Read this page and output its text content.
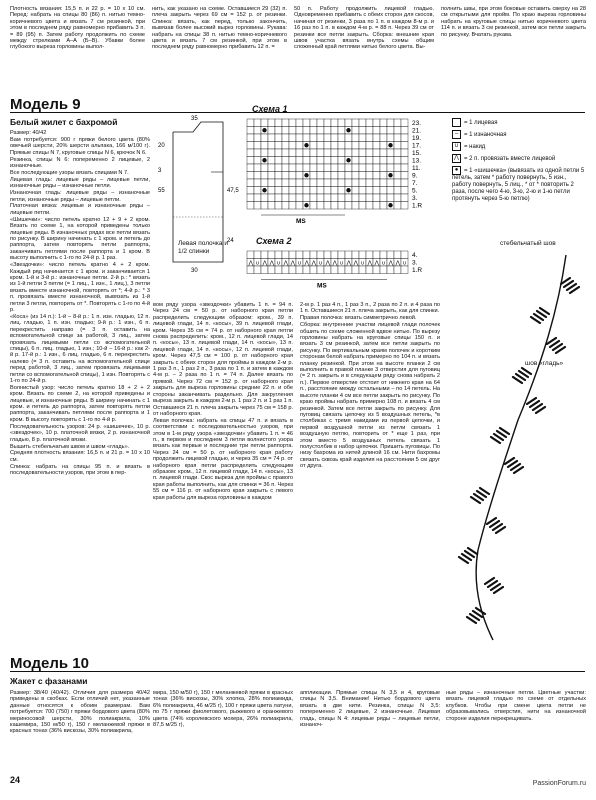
Плотность вязания: 15,5 п. и 22 р. = 10 х 10 см. Перед: набрать на спицы 80 (86) п. нитью темно-коричневого цвета и вязать 7 см резинкой, при этом в последнем ряду равномерно прибавить 3 п. = 89 (95) п. Затем работу продолжить по схеме между стрелками А–А (Б–В). Убавки более глубокого выреза горловины выпол-

нить, как указано на схеме. Оставшиеся 29 (32) п. плеча закрыть через 69 см = 152 р. от резинки. Спинка: вязать, как перед, только закончить, вывязав более высокий вырез горловины. Рукава: набрать на спицы 38 п. нитью темно-коричневого цвета и вязать 7 см резинкой, при этом в последнем ряду равномерно прибавить 12 п. =

50 п. Работу продолжить лицевой гладью. Одновременно прибавить с обеих сторон для скосов, начиная от резинки, 3 раза по 1 п. в каждом 8-м р. и 16 раз по 1 п. в каждом 4-м р. = 88 п. Через 39 см от резинки все петли закрыть. Сборка: внешние края швов участка вязать внутрь схемы общим сложенный край петлями нитью белого цвета. Вы-

полнить швы, при этом боковые оставить сверху на 28 см открытыми для пройм. По краю выреза горловины набрать на круговые спицы нитью коричневого цвета 114 п. и вязать 3 см резинкой, затем все петли закрыть по рисунку. Вчатать рукава.

Модель 9
Белый жилет с бахромой

Размер: 40/42

Вам потребуется: 900 г пряжи белого цвета (80% овечьей шерсти, 20% шерсти альпака, 166 м/100 г). Прямые спицы N 7, круговые спицы N 6, крючок N 6.

Резинка, спицы N 6: попеременно 2 лицевые, 2 изнаночные.

Все последующие узоры вязать спицами N 7.

Лицевая гладь: лицевые ряды – лицевые петли, изнаночные ряды – изнаночные петли.

Изнаночная гладь: лицевые ряды – изнаночные петли, изнаночные ряды – лицевые петли.

Платочная вязка: лицевые и изнаночные ряды – лицевые петли.

«Шишечки»: число петель кратно 12 + 9 + 2 кром. Вязать по схеме 1, на которой приведены только лицевые ряды. В изнаночных рядах все петли вязать по рисунку. В ширину начинать с 1 кром. и петель до раппорта, затем повторять петли раппорта, заканчивать петлями после раппорта и 1 кром. В высоту выполнить с 1-го по 24-й р. 1 раз.

«Звездочки»: число петель кратно 4 + 2 кром. Каждый ряд начинается с 1 кром. и заканчивается 1 кром. 1-й и 3-й р.: изнаночные петли. 2-й р.: * вязать из 1-й петли 3 петли (= 1 лиц., 1 изн., 1 лиц.), 3 петли вязать вместе изнаночной, повторять от *; 4-й р.: * 3 п. провязать вместе изнаночной, вывязать из 1-й петли 3 петли, повторить от *. Повторять с 1-го по 4-й р.

«Коса» (из 14 п.): 1-й – 8-й р.: 1 п. изн. гладью, 12 п. лиц. гладью, 1 п. изн. гладью; 9-й р.: 1 изн., 6 п. перекрестить направо (= 3 п. оставить на вспомогательной спице за работой, 3 лиц., затем провязать лицевыми петли со вспомогательной спицы), 6 п. лиц. гладью, 1 изн.; 10-й – 16-й р.: как 2-й р. 17-й р.: 1 изн., 6 лиц. гладью, 6 п. перекрестить налево (= 3 п. оставить на вспомогательной спице перед работой, 3 лиц., затем провязать лицевыми петли со вспомогательной спицы), 1 изн. Повторять с 1-го по 24-й р.

Волнистый узор: число петель кратно 18 + 2 + 2 кром. Вязать по схеме 2, на которой приведены и лицевые, и изнаночные ряды. В ширину начинать с 1 кром. и петель до раппорта, затем повторять петли раппорта, заканчивать петлями после раппорта и 1 кром. В высоту повторять с 1-го по 4-й р.

Последовательность узоров: 24 р. «шишечек», 10 р. «звездочек», 10 р. платочной вязки, 2 р. изнаночной гладью, 8 р. платочной вязки.

Вышить стебельчатым швом и швом «гладь».

Средняя плотность вязания: 16,5 п. и 21 р. = 10 х 10 см.

Спинка: набрать на спицы 95 п. и вязать в последовательности узоров, при этом в пер-

35
20
3
55	47,5
24
30
Левая полочка и 1/2 спинки
Схема 1
23.
21.
19.
17.
15.
13.
11.
9.
7.
5.
3.
1.R
MS
Схема 2
⋀ ∪ ⋀ ⋀ ∪ ⋀ ⋀ ∪ ⋀ ⋀ ∪ ⋀ ⋀ ∪ ⋀ ⋀ ∪ ⋀ ⋀ ∪ ⋀ ⋀ ∪
4.
3.
1.R
MS
= 1 лицевая
– = 1 изнаночная
∪ = накид
⋀ = 2 п. провязать вместе лицевой
● = 1 «шишечка» (вывязать из одной петли 5 петель, затем * работу повернуть, 5 изн., работу повернуть, 5 лиц., * от * повторить 2 раза, после чего 4-ю, 3-ю, 2-ю и 1-ю петли протянуть через 5-ю петлю)

вом ряду узора «звездочки» убавить 1 п. = 94 п. Через 24 см = 50 р. от наборного края петли распределить следующим образом: кром., 39 п. лицевой глади, 14 п. «косы», 39 п. лицевой глади, кром. Через 35 см = 74 р. от наборного края петли снова распределить: кром., 12 п. лицевой глади, 14 п. «косы», 13 п. лицевой глади, 14 п. «косы», 13 п. лицевой глади, 14 п. «косы», 12 п. лицевой глади, кром. Через 47,5 см = 100 р. от наборного края закрыть с обеих сторон для проймы в каждом 2-м р. 1 раз 3 п., 1 раз 2 п., 3 раза по 1 п. и затем в каждом 4-м р. – 2 раза по 1 п. = 74 п. Далее вязать по прямой. Через 72 см = 152 р. от наборного края закрыть для выреза горловины средние 22 п. и обе стороны заканчивать раздельно. Для закругления выреза закрыть в каждом 2-м р. 1 раз 2 п. и 1 раз 1 п. Оставшиеся 21 п. плеча закрыть через 75 см = 158 р. от наборного края.

Левая полочка: набрать на спицы 47 п. и вязать в соответствии с последовательностью узоров, при этом в 1-м ряду узора «звездочки» убавить 1 п. = 46 п., в первом и последнем 3 петли волнистого узора вязать как первые и последние три петли раппорта. Через 24 см = 50 р. от наборного края работу продолжить лицевой гладью, и через 35 см = 74 р. от наборного края петли распределить следующим образом: кром., 12 п. лицевой глади, 14 п. «косы», 13 п. лицевой глади. Скос выреза для проймы с правого края работы выполнить, как для спинки = 36 п. Через 55 см = 116 р. от наборного края закрыть с левого края работы для выреза горловины в каждом

2-м р. 1 раз 4 п., 1 раз 3 п., 2 раза по 2 п. и 4 раза по 1 п. Оставшиеся 21 п. плеча закрыть, как для спинки.

Правая полочка: вязать симметрично левой.

Сборка: внутренние участки лицевой глади полочек обшить по схеме сложенной вдвое нитью. По вырезу горловины набрать на круговые спицы 150 п. и вязать 3 см резинкой, затем все петли закрыть по рисунку. По вертикальным краям полочек и коротким сторонам белой набрать примерно по 104 п. и вязать планку резинкой. При этом на высоте планки 2 см выполнить в правой планке 3 отверстия для пуговиц (= 2 п. закрыть и в следующем ряду снова набрать 2 п.). Первое отверстие отстоит от нижнего края на 64 п., расстояние между остальными – по 14 петель. На высоте планки 4 см все петли закрыть по рисунку. По краю проймы набрать примерно 108 п. и вязать 4 см резинкой. Затем все петли закрыть по рисунку. Для пуговиц связать цепочку из 5 воздушных петель, *в столбиках с тремя накидами из первой цепочки, и первой воздушной петли из петли связать 1 воздушную петлю, повторить от * еще 1 раз, при этом вместо 5 воздушных петель связать 1 полустолбик в набор цепочки. Пришить пуговицы. По низу бахрома из нитей длиной 16 см. Нити бахромы связать сквозь край изделия на расстоянии 5 см друг от друга.

стебельчатый шов
шов «гладь»
Модель 10
Жакет с фазанами

Размер: 38/40 (40/42). Отличия для размера 40/42 приведены в скобках. Если отличий нет, указанные данные относятся к обоим размерам. Вам потребуется: 700 (750) г пряжи бордового цвета (80% мериносовой шерсти, 30% полиакрила, 10% кашемира, 150 м/50 г), 150 г меланжевой пряжи в красных тонах (36% вискозы, 30% полиакрила,

мира, 150 м/50 г), 150 г меланжевой пряжи в красных тонах (36% вискозы, 30% хлопка, 28% полиамида, 6% полиакрила, 46 м/25 г), 100 г пряжи цвета латуни, по 75 г пряжи фиолетового, рыжевого и оранжевого цвета (74% королевского мохера, 26% полиакрила, 87,5 м/25 г),

аппликации. Прямые спицы N 3,5 и 4, круговые спицы N 3,5. Внимание! Нитью бордового цвета вязать в две нити. Резинка, спицы N 3,5: попеременно 2 лицевые, 2 изнаночные. Лицевая гладь, спицы N 4: лицевые ряды – лицевые петли, изнаноч-

ные ряды – изнаночные петли. Цветные участки: вязать лицевой гладью по схеме от отдельных клубков. Чтобы при смене цвета петли не образовывались отверстия, нити на изнаночной стороне изделия перекрещивать.

24	PassionForum.ru
